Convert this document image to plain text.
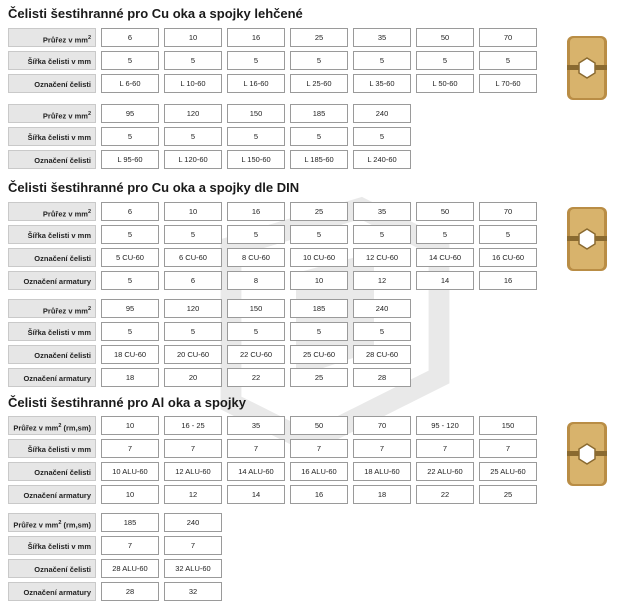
Čelisti šestihranné pro Cu oka a spojky lehčené
Průřez v $mm^2$	6	10	16	25	35	50	70
Šířka čelisti v mm	5	5	5	5	5	5	5
Označení čelisti	L 6-60	L 10-60	L 16-60	L 25-60	L 35-60	L 50-60	L 70-60
Průřez v $mm^2$	95	120	150	185	240
Šířka čelisti v mm	5	5	5	5	5
Označení čelisti	L 95-60	L 120-60	L 150-60	L 185-60	L 240-60
Čelisti šestihranné pro Cu oka a spojky dle DIN
Průřez v $mm^2$	6	10	16	25	35	50	70
Šířka čelisti v mm	5	5	5	5	5	5	5
Označení čelisti	5 CU-60	6 CU-60	8 CU-60	10 CU-60	12 CU-60	14 CU-60	16 CU-60
Označení armatury	5	6	8	10	12	14	16
Průřez v $mm^2$	95	120	150	185	240
Šířka čelisti v mm	5	5	5	5	5
Označení čelisti	18 CU-60	20 CU-60	22 CU-60	25 CU-60	28 CU-60
Označení armatury	18	20	22	25	28
Čelisti šestihranné pro Al oka a spojky
Průřez v $mm^2$ (rm,sm)	10	16 - 25	35	50	70	95 - 120	150
Šířka čelisti v mm	7	7	7	7	7	7	7
Označení čelisti	10 ALU-60	12 ALU-60	14 ALU-60	16 ALU-60	18 ALU-60	22 ALU-60	25 ALU-60
Označení armatury	10	12	14	16	18	22	25
Průřez v $mm^2$ (rm,sm)	185	240
Šířka čelisti v mm	7	7
Označení čelisti	28 ALU-60	32 ALU-60
Označení armatury	28	32
